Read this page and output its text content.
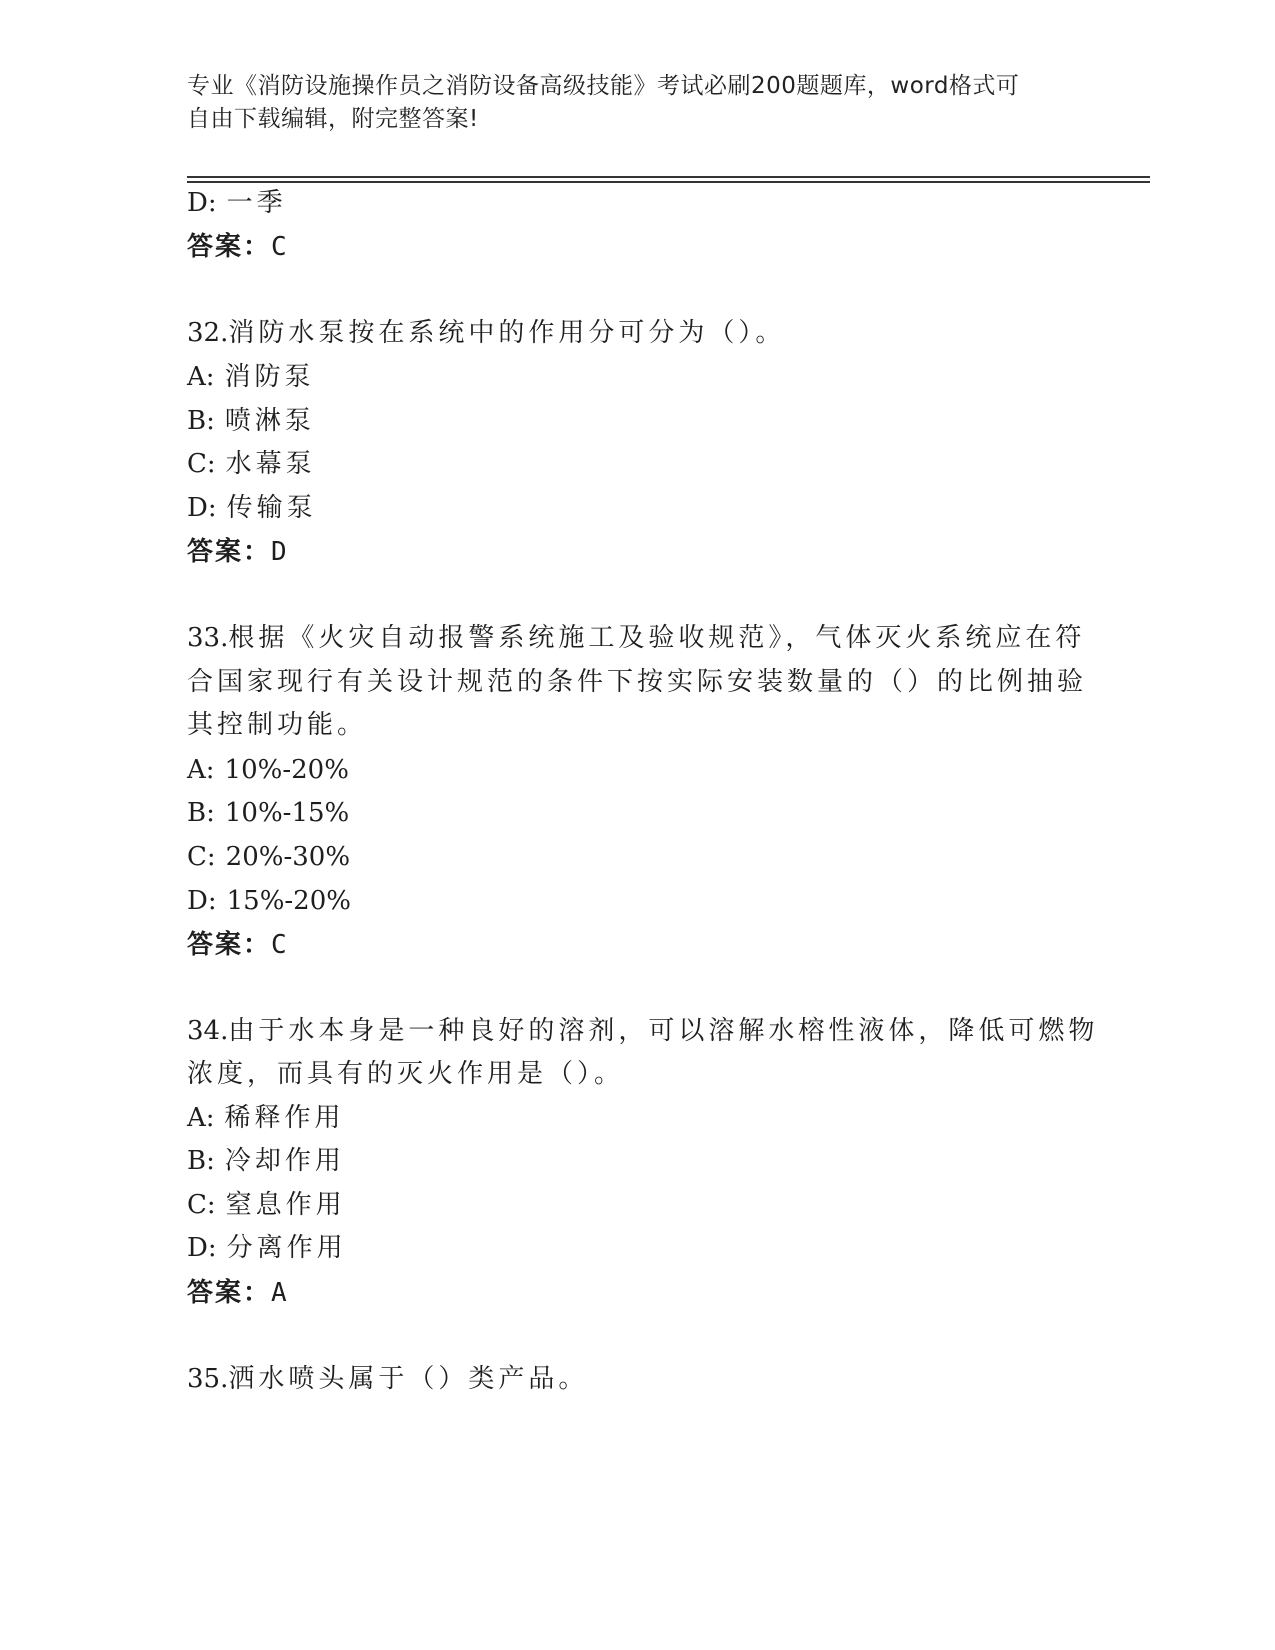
专业《消防设施操作员之消防设备高级技能》考试必刷200题题库，word格式可
自由下载编辑，附完整答案!
D: 一季
答案：C
32.消防水泵按在系统中的作用分可分为（）。
A: 消防泵
B: 喷淋泵
C: 水幕泵
D: 传输泵
答案：D
33.根据《火灾自动报警系统施工及验收规范》，气体灭火系统应在符
合国家现行有关设计规范的条件下按实际安装数量的（）的比例抽验
其控制功能。
A: 10%-20%
B: 10%-15%
C: 20%-30%
D: 15%-20%
答案：C
34.由于水本身是一种良好的溶剂，可以溶解水榕性液体，降低可燃物
浓度，而具有的灭火作用是（）。
A: 稀释作用
B: 冷却作用
C: 窒息作用
D: 分离作用
答案：A
35.洒水喷头属于（）类产品。
